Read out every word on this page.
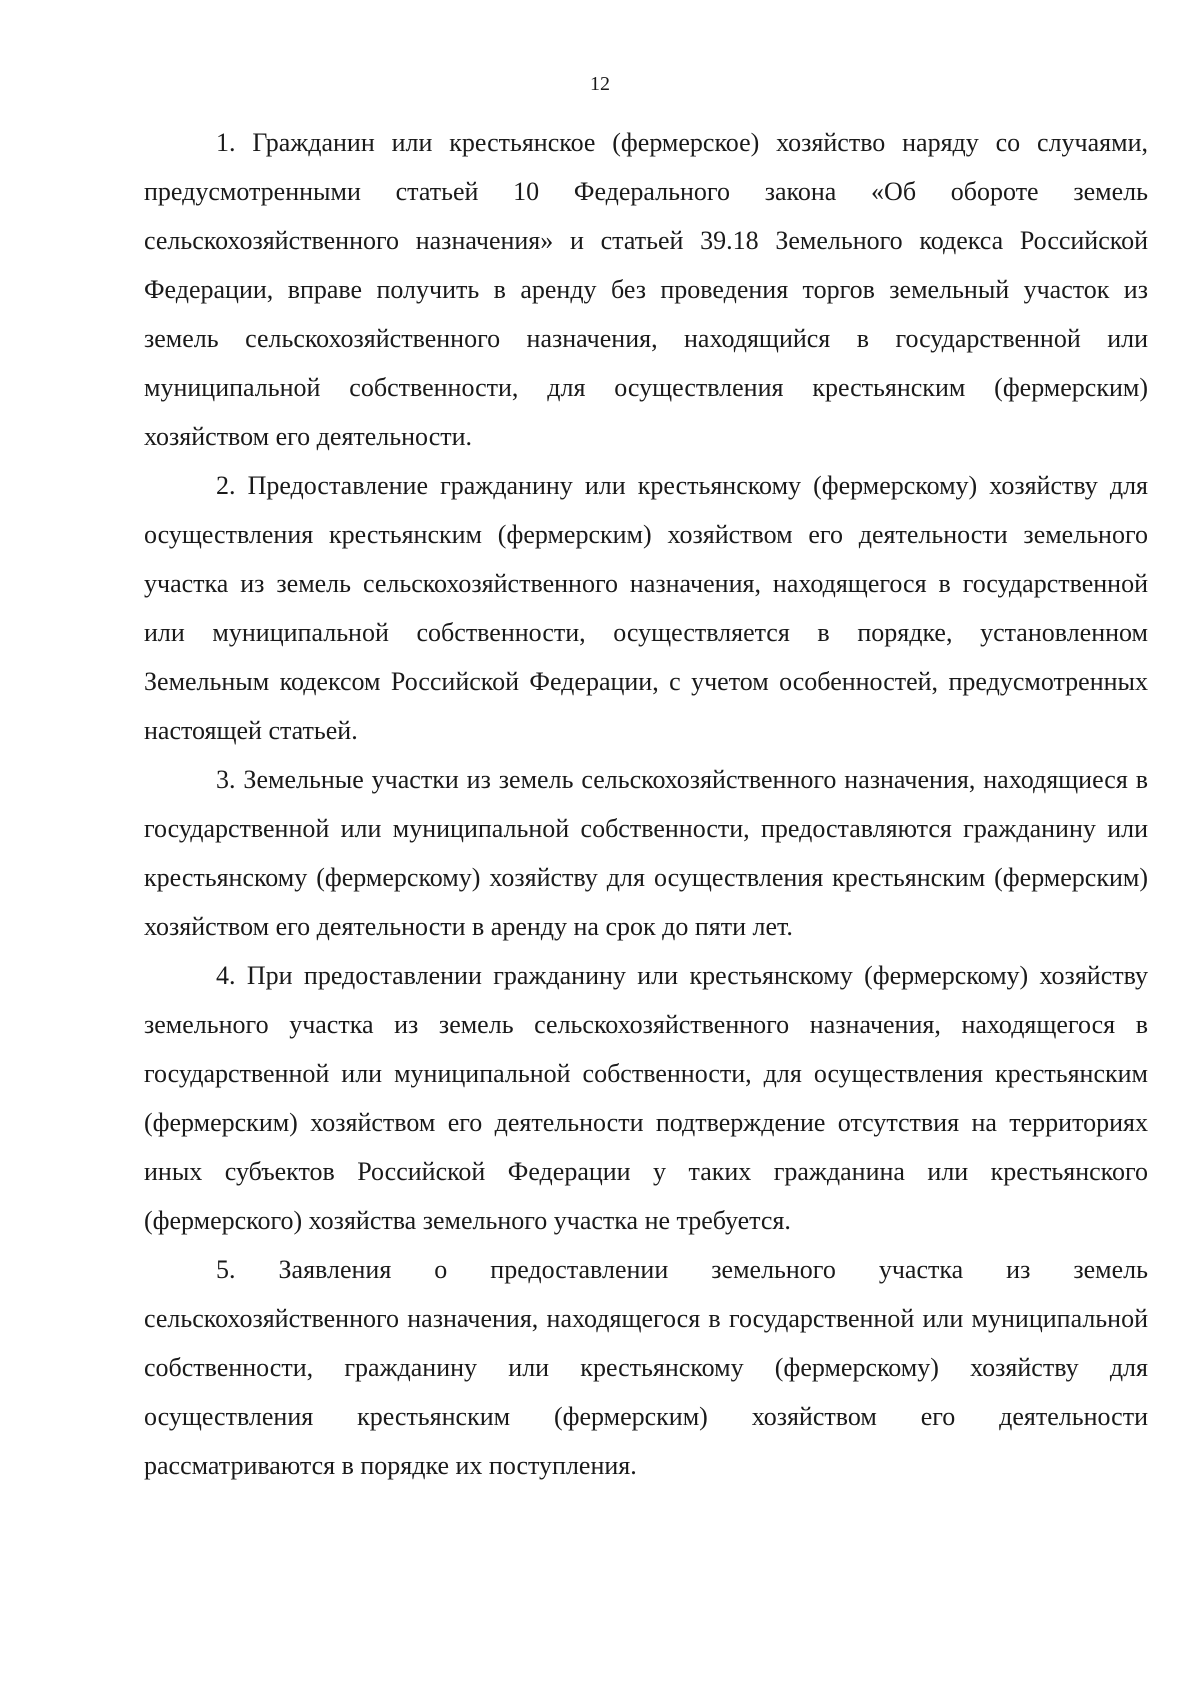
12

1. Гражданин или крестьянское (фермерское) хозяйство наряду со случаями, предусмотренными статьей 10 Федерального закона «Об обороте земель сельскохозяйственного назначения» и статьей 39.18 Земельного кодекса Российской Федерации, вправе получить в аренду без проведения торгов земельный участок из земель сельскохозяйственного назначения, находящийся в государственной или муниципальной собственности, для осуществления крестьянским (фермерским) хозяйством его деятельности.

2. Предоставление гражданину или крестьянскому (фермерскому) хозяйству для осуществления крестьянским (фермерским) хозяйством его деятельности земельного участка из земель сельскохозяйственного назначения, находящегося в государственной или муниципальной собственности, осуществляется в порядке, установленном Земельным кодексом Российской Федерации, с учетом особенностей, предусмотренных настоящей статьей.

3. Земельные участки из земель сельскохозяйственного назначения, находящиеся в государственной или муниципальной собственности, предоставляются гражданину или крестьянскому (фермерскому) хозяйству для осуществления крестьянским (фермерским) хозяйством его деятельности в аренду на срок до пяти лет.

4. При предоставлении гражданину или крестьянскому (фермерскому) хозяйству земельного участка из земель сельскохозяйственного назначения, находящегося в государственной или муниципальной собственности, для осуществления крестьянским (фермерским) хозяйством его деятельности подтверждение отсутствия на территориях иных субъектов Российской Федерации у таких гражданина или крестьянского (фермерского) хозяйства земельного участка не требуется.

5. Заявления о предоставлении земельного участка из земель сельскохозяйственного назначения, находящегося в государственной или муниципальной собственности, гражданину или крестьянскому (фермерскому) хозяйству для осуществления крестьянским (фермерским) хозяйством его деятельности рассматриваются в порядке их поступления.
